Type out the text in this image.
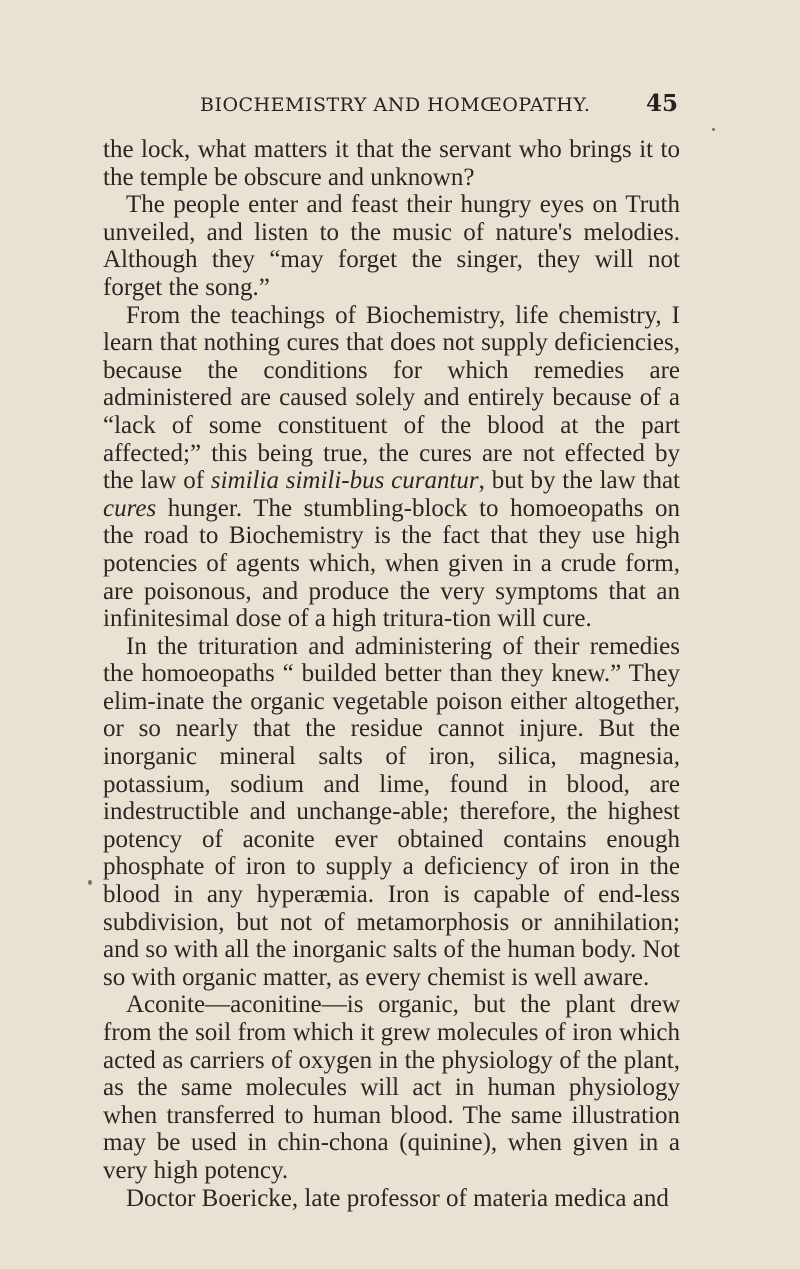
BIOCHEMISTRY AND HOMŒOPATHY.	45

the lock, what matters it that the servant who brings it to the temple be obscure and unknown?

The people enter and feast their hungry eyes on Truth unveiled, and listen to the music of nature's melodies. Although they “may forget the singer, they will not forget the song.”

From the teachings of Biochemistry, life chemistry, I learn that nothing cures that does not supply deficiencies, because the conditions for which remedies are administered are caused solely and entirely because of a “lack of some constituent of the blood at the part affected;” this being true, the cures are not effected by the law of similia simili-bus curantur, but by the law that cures hunger. The stumbling-block to homoeopaths on the road to Biochemistry is the fact that they use high potencies of agents which, when given in a crude form, are poisonous, and produce the very symptoms that an infinitesimal dose of a high tritura-tion will cure.

In the trituration and administering of their remedies the homoeopaths “ builded better than they knew.” They elim-inate the organic vegetable poison either altogether, or so nearly that the residue cannot injure. But the inorganic mineral salts of iron, silica, magnesia, potassium, sodium and lime, found in blood, are indestructible and unchange-able; therefore, the highest potency of aconite ever obtained contains enough phosphate of iron to supply a deficiency of iron in the blood in any hyperæmia. Iron is capable of end-less subdivision, but not of metamorphosis or annihilation; and so with all the inorganic salts of the human body. Not so with organic matter, as every chemist is well aware.

Aconite—aconitine—is organic, but the plant drew from the soil from which it grew molecules of iron which acted as carriers of oxygen in the physiology of the plant, as the same molecules will act in human physiology when transferred to human blood. The same illustration may be used in chin-chona (quinine), when given in a very high potency.

Doctor Boericke, late professor of materia medica and
